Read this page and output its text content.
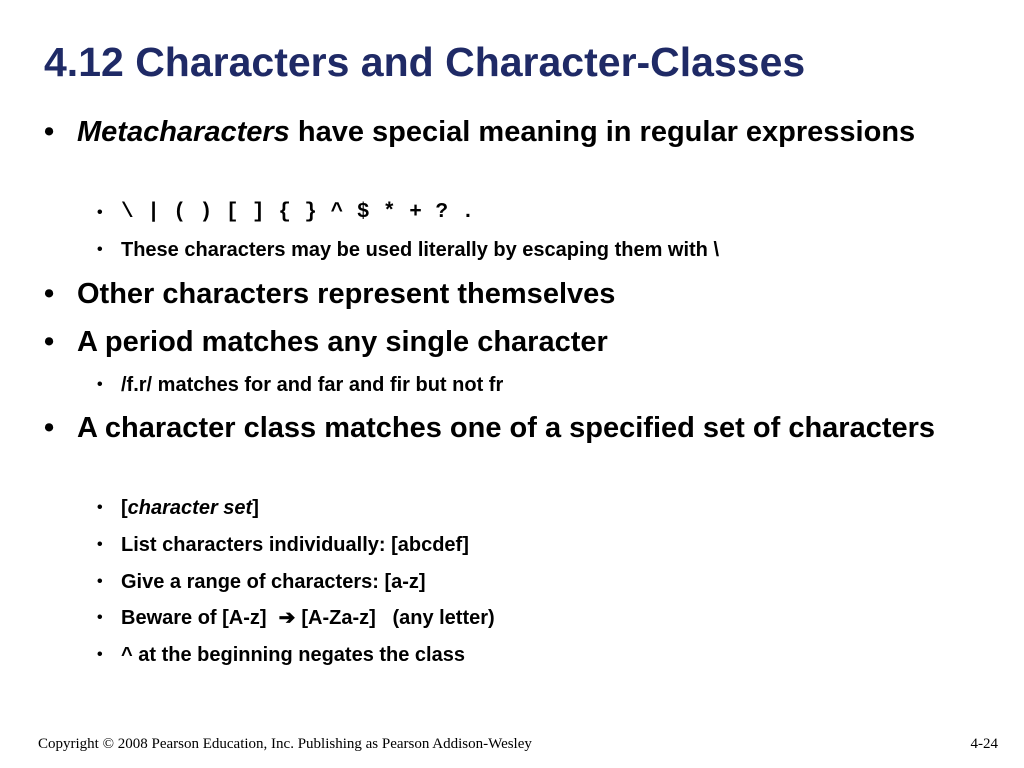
4.12 Characters and Character-Classes
• Metacharacters have special meaning in regular expressions
• \ | ( ) [ ] { } ^ $ * + ? .
• These characters may be used literally by escaping them with \
• Other characters represent themselves
• A period matches any single character
• /f.r/ matches for and far and fir but not fr
• A character class matches one of a specified set of characters
• [character set]
• List characters individually: [abcdef]
• Give a range of characters: [a-z]
• Beware of [A-z] ➔ [A-Za-z]   (any letter)
• ^ at the beginning negates the class
Copyright © 2008 Pearson Education, Inc. Publishing as Pearson Addison-Wesley	4-24
